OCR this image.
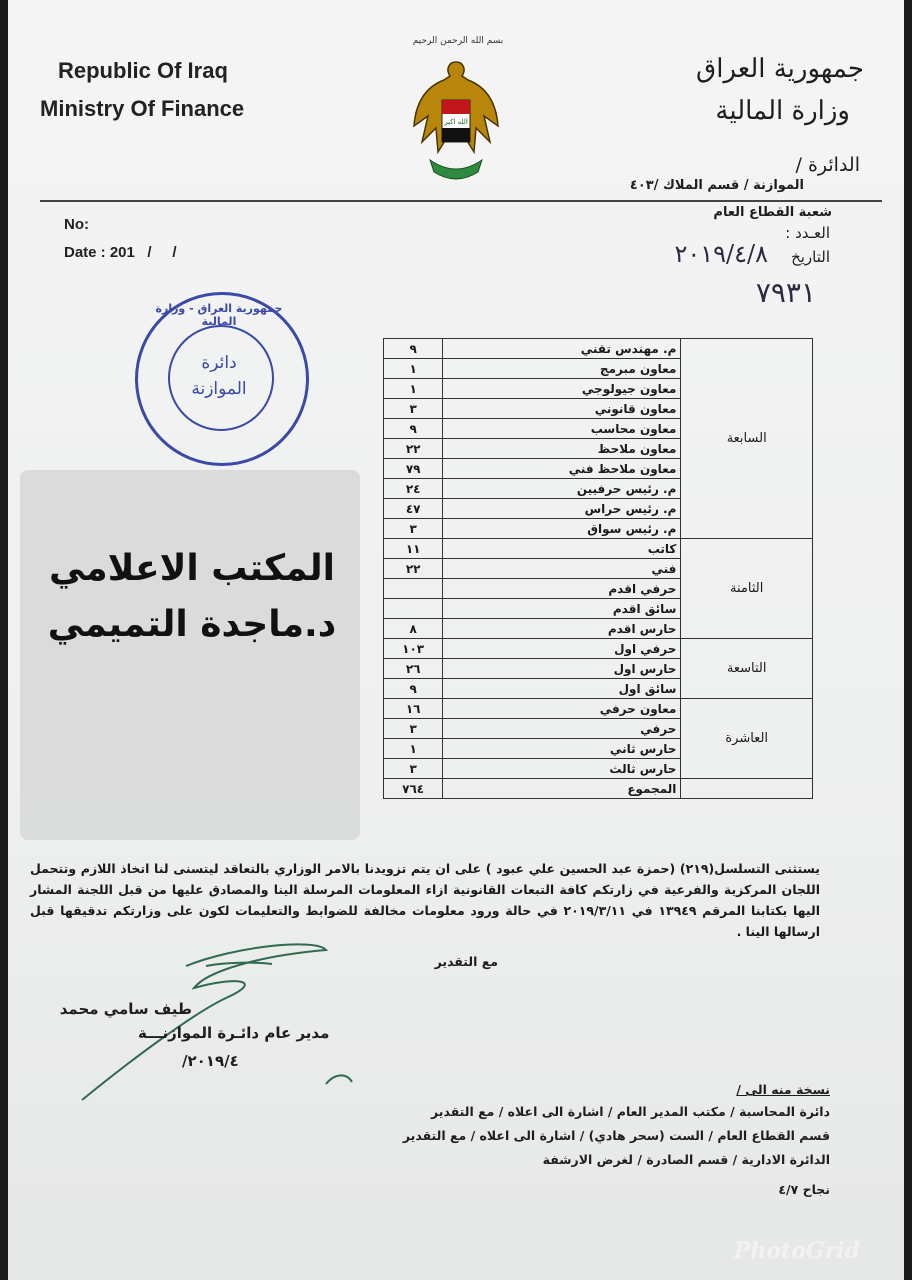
Republic Of Iraq
Ministry Of Finance
بسم الله الرحمن الرحيم
الله اكبر
جمهورية العراق
وزارة المالية
الدائرة /
الموازنة / قسم الملاك /٤٠٣
شعبة القطاع العام
العـدد :
التاريخ
٢٠١٩/٤/٨
٧٩٣١
No:
Date : 201   /     /
جمهورية العراق - وزارة المالية
دائرة الموازنة
المكتب الاعلامي
د.ماجدة التميمي
السابعة	م. مهندس تقني	٩
	معاون مبرمج	١
	معاون جيولوجي	١
	معاون قانوني	٣
	معاون محاسب	٩
	معاون ملاحظ	٢٢
	معاون ملاحظ فني	٧٩
	م. رئيس حرفيين	٢٤
	م. رئيس حراس	٤٧
	م. رئيس سواق	٣
الثامنة	كاتب	١١
	فني	٢٢
	حرفي اقدم	
	سائق اقدم	
	حارس اقدم	٨
التاسعة	حرفي اول	١٠٣
	حارس اول	٢٦
	سائق اول	٩
العاشرة	معاون حرفي	١٦
	حرفي	٣
	حارس ثاني	١
	حارس ثالث	٣
	المجموع	٧٦٤
يستثنى التسلسل(٢١٩) (حمزة عبد الحسين علي عبود ) على ان يتم تزويدنا بالامر الوزاري بالتعاقد ليتسنى لنا اتخاذ اللازم وتتحمل اللجان المركزية والفرعية في زارتكم كافة التبعات القانونية ازاء المعلومات المرسلة الينا والمصادق عليها من قبل اللجنة المشار اليها بكتابنا المرقم ١٣٩٤٩ في ٢٠١٩/٣/١١ في حالة ورود معلومات مخالفة للضوابط والتعليمات لكون على وزارتكم تدقيقها قبل ارسالها الينا .
مع التقدير
طيف سامي محمد
مدير عام دائـرة الموازنـــة
٢٠١٩/٤/
نسخة منه الى /
دائرة المحاسبة / مكتب المدير العام / اشارة الى اعلاه / مع التقدير
قسم القطاع العام / الست (سحر هادي) / اشارة الى اعلاه / مع التقدير
الدائرة الادارية / قسم الصادرة / لغرض الارشفة
نجاح ٤/٧
PhotoGrid
